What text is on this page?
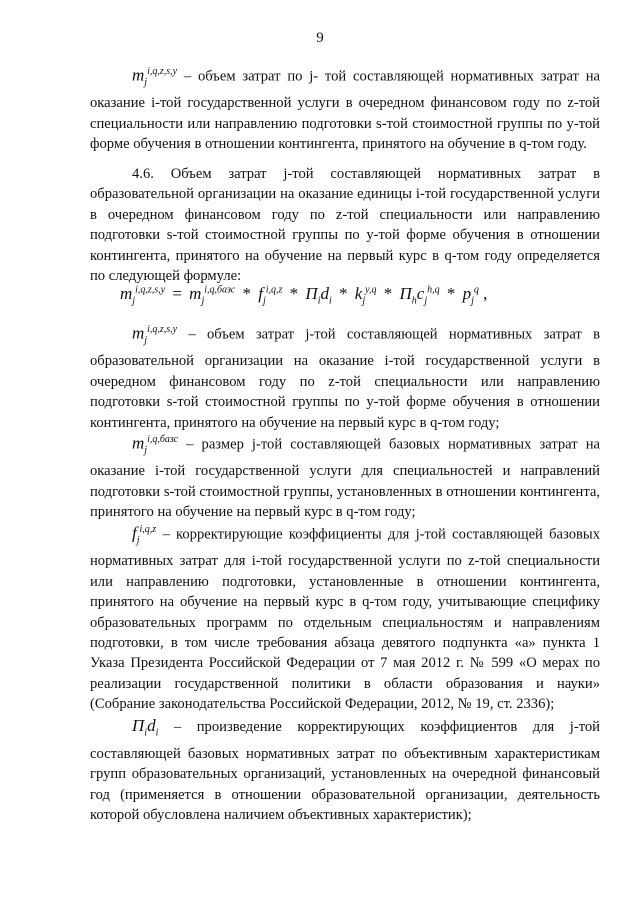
9

$m_j^{i,q,z,s,y}$ – объем затрат по j- той составляющей нормативных затрат на оказание i-той государственной услуги в очередном финансовом году по z-той специальности или направлению подготовки s-той стоимостной группы по y-той форме обучения в отношении контингента, принятого на обучение в q-том году.

4.6. Объем затрат j-той составляющей нормативных затрат в образовательной организации на оказание единицы i-той государственной услуги в очередном финансовом году по z-той специальности или направлению подготовки s-той стоимостной группы по y-той форме обучения в отношении контингента, принятого на обучение на первый курс в q-том году определяется по следующей формуле:

$m_j^{i,q,z,s,y} = m_j^{i,q,базс} * f_j^{i,q,z} * П_id_i * k_j^{y,q} * П_hc_j^{h,q} * p_j^q$ ,

$m_j^{i,q,z,s,y}$ – объем затрат j-той составляющей нормативных затрат в образовательной организации на оказание i-той государственной услуги в очередном финансовом году по z-той специальности или направлению подготовки s-той стоимостной группы по y-той форме обучения в отношении контингента, принятого на обучение на первый курс в q-том году;

$m_j^{i,q,базс}$ – размер j-той составляющей базовых нормативных затрат на оказание i-той государственной услуги для специальностей и направлений подготовки s-той стоимостной группы, установленных в отношении контингента, принятого на обучение на первый курс в q-том году;

$f_j^{i,q,z}$ – корректирующие коэффициенты для j-той составляющей базовых нормативных затрат для i-той государственной услуги по z-той специальности или направлению подготовки, установленные в отношении контингента, принятого на обучение на первый курс в q-том году, учитывающие специфику образовательных программ по отдельным специальностям и направлениям подготовки, в том числе требования абзаца девятого подпункта «а» пункта 1 Указа Президента Российской Федерации от 7 мая 2012 г. № 599 «О мерах по реализации государственной политики в области образования и науки» (Собрание законодательства Российской Федерации, 2012, № 19, ст. 2336);

$П_id_i$ – произведение корректирующих коэффициентов для j-той составляющей базовых нормативных затрат по объективным характеристикам групп образовательных организаций, установленных на очередной финансовый год (применяется в отношении образовательной организации, деятельность которой обусловлена наличием объективных характеристик);
